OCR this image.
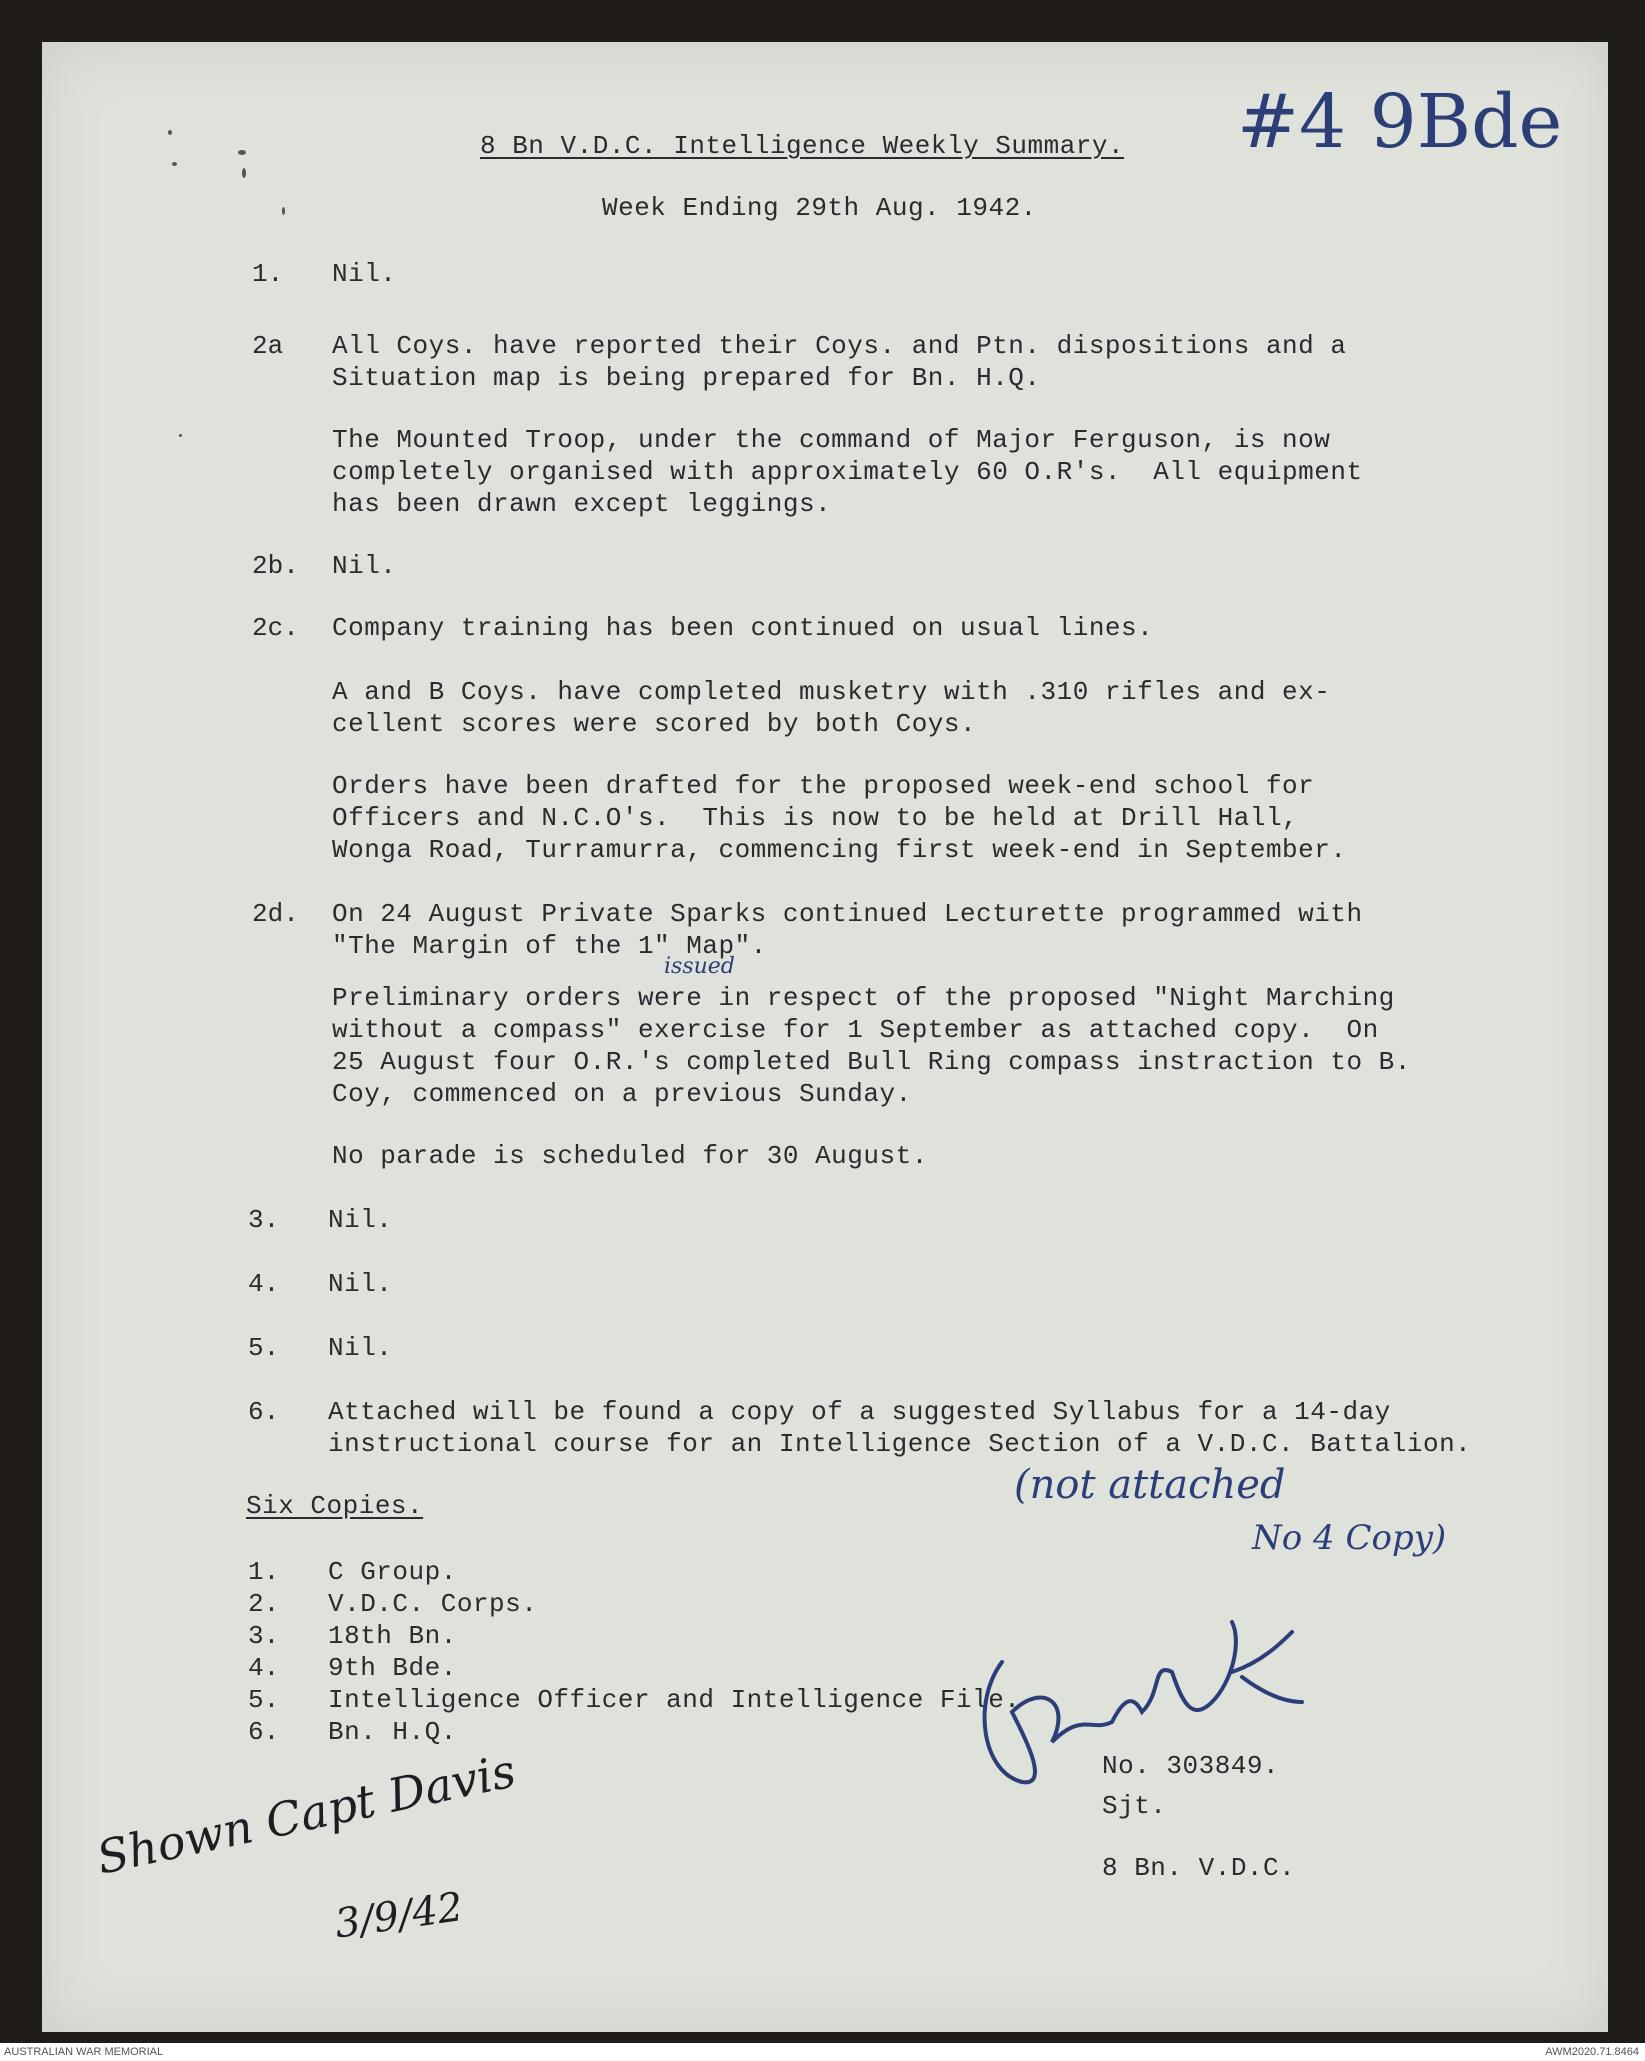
8 Bn V.D.C. Intelligence Weekly Summary.
Week Ending 29th Aug. 1942.
#4 9Bde
1. Nil.
2a All Coys. have reported their Coys. and Ptn. dispositions and a
Situation map is being prepared for Bn. H.Q.
The Mounted Troop, under the command of Major Ferguson, is now
completely organised with approximately 60 O.R's.  All equipment
has been drawn except leggings.
2b. Nil.
2c. Company training has been continued on usual lines.
A and B Coys. have completed musketry with .310 rifles and ex-
cellent scores were scored by both Coys.
Orders have been drafted for the proposed week-end school for
Officers and N.C.O's.  This is now to be held at Drill Hall,
Wonga Road, Turramurra, commencing first week-end in September.
2d. On 24 August Private Sparks continued Lecturette programmed with
"The Margin of the 1" Map".
issued
Preliminary orders were in respect of the proposed "Night Marching
without a compass" exercise for 1 September as attached copy.  On
25 August four O.R.'s completed Bull Ring compass instraction to B.
Coy, commenced on a previous Sunday.
No parade is scheduled for 30 August.
3. Nil.
4. Nil.
5. Nil.
6. Attached will be found a copy of a suggested Syllabus for a 14-day
instructional course for an Intelligence Section of a V.D.C. Battalion.
Six Copies.
1. C Group.
2. V.D.C. Corps.
3. 18th Bn.
4. 9th Bde.
5. Intelligence Officer and Intelligence File.
6. Bn. H.Q.
(not attached
No 4 Copy)
Shown Capt Davis
3/9/42
No. 303849.
Sjt.
8 Bn. V.D.C.
AUSTRALIAN WAR MEMORIAL	AWM2020.71.8464
